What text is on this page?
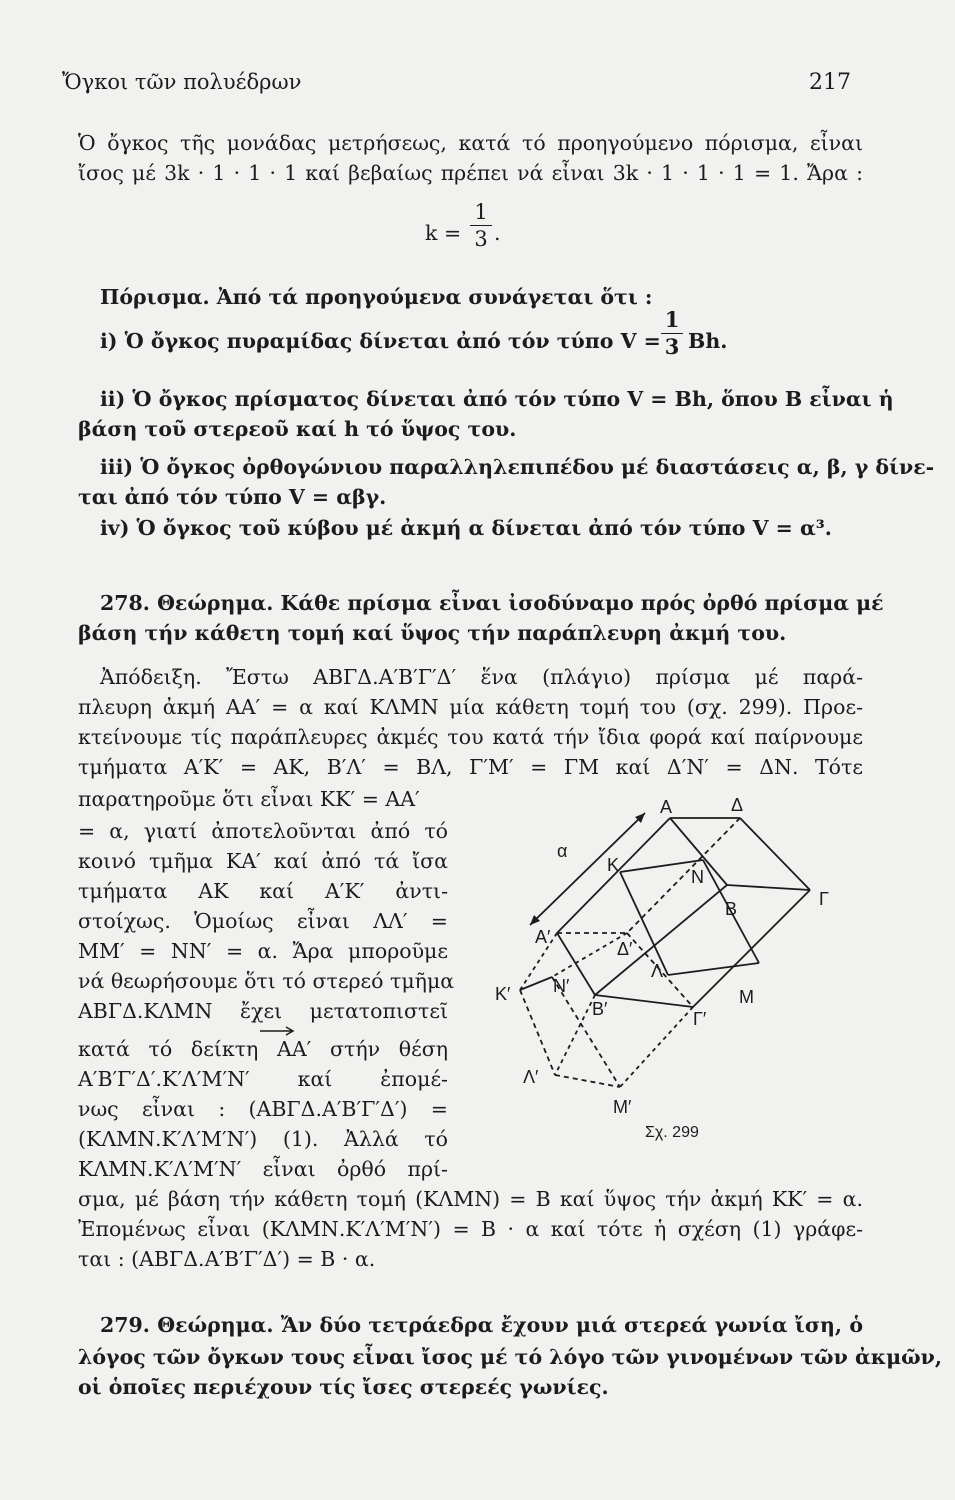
Ὄγκοι τῶν πολυέδρων	217
Ὁ ὄγκος τῆς μονάδας μετρήσεως, κατά τό προηγούμενο πόρισμα, εἶναι
ἴσος μέ 3k · 1 · 1 · 1 καί βεβαίως πρέπει νά εἶναι 3k · 1 · 1 · 1 = 1. Ἄρα :
k =
1
3 .
Πόρισμα. Ἀπό τά προηγούμενα συνάγεται ὅτι :
i) Ὁ ὄγκος πυραμίδας δίνεται ἀπό τόν τύπο V =
1
3 Bh.
ii) Ὁ ὄγκος πρίσματος δίνεται ἀπό τόν τύπο V = Bh, ὅπου B εἶναι ἡ
βάση τοῦ στερεοῦ καί h τό ὕψος του.
iii) Ὁ ὄγκος ὀρθογώνιου παραλληλεπιπέδου μέ διαστάσεις α, β, γ δίνε-
ται ἀπό τόν τύπο V = αβγ.
iv) Ὁ ὄγκος τοῦ κύβου μέ ἀκμή α δίνεται ἀπό τόν τύπο V = α³.
278. Θεώρημα. Κάθε πρίσμα εἶναι ἰσοδύναμο πρός ὀρθό πρίσμα μέ
βάση τήν κάθετη τομή καί ὕψος τήν παράπλευρη ἀκμή του.
Ἀπόδειξη. Ἔστω ΑΒΓΔ.Α′Β′Γ′Δ′ ἕνα (πλάγιο) πρίσμα μέ παρά-
πλευρη ἀκμή ΑΑ′ = α καί ΚΛΜΝ μία κάθετη τομή του (σχ. 299). Προε-
κτείνουμε τίς παράπλευρες ἀκμές του κατά τήν ἴδια φορά καί παίρνουμε
τμήματα Α′Κ′ = ΑΚ, Β′Λ′ = ΒΛ, Γ′Μ′ = ΓΜ καί Δ′Ν′ = ΔΝ. Τότε
παρατηροῦμε ὅτι εἶναι ΚΚ′ = ΑΑ′
= α, γιατί ἀποτελοῦνται ἀπό τό
κοινό τμῆμα ΚΑ′ καί ἀπό τά ἴσα
τμήματα ΑΚ καί Α′Κ′ ἀντι-
στοίχως. Ὁμοίως εἶναι ΛΛ′ =
ΜΜ′ = ΝΝ′ = α. Ἄρα μποροῦμε
νά θεωρήσουμε ὅτι τό στερεό τμῆμα
ΑΒΓΔ.ΚΛΜΝ ἔχει μετατοπιστεῖ
κατά τό δείκτη ΑΑ′ στήν θέση
Α′Β′Γ′Δ′.Κ′Λ′Μ′Ν′ καί ἐπομέ-
νως εἶναι : (ΑΒΓΔ.Α′Β′Γ′Δ′) =
(ΚΛΜΝ.Κ′Λ′Μ′Ν′) (1). Ἀλλά τό
ΚΛΜΝ.Κ′Λ′Μ′Ν′ εἶναι ὀρθό πρί-
σμα, μέ βάση τήν κάθετη τομή (ΚΛΜΝ) = Β καί ὕψος τήν ἀκμή ΚΚ′ = α.
Ἐπομένως εἶναι (ΚΛΜΝ.Κ′Λ′Μ′Ν′) = Β · α καί τότε ἡ σχέση (1) γράφε-
ται : (ΑΒΓΔ.Α′Β′Γ′Δ′) = Β · α.
279. Θεώρημα. Ἄν δύο τετράεδρα ἔχουν μιά στερεά γωνία ἴση, ὁ
λόγος τῶν ὄγκων τους εἶναι ἴσος μέ τό λόγο τῶν γινομένων τῶν ἀκμῶν,
οἱ ὁποῖες περιέχουν τίς ἴσες στερεές γωνίες.
Α	Δ
α
Κ
Ν
Β	Γ
Α′
Δ′
Λ
Μ
Κ′ Ν′
Β′	Γ′
Λ′
Μ′
Σχ. 299
